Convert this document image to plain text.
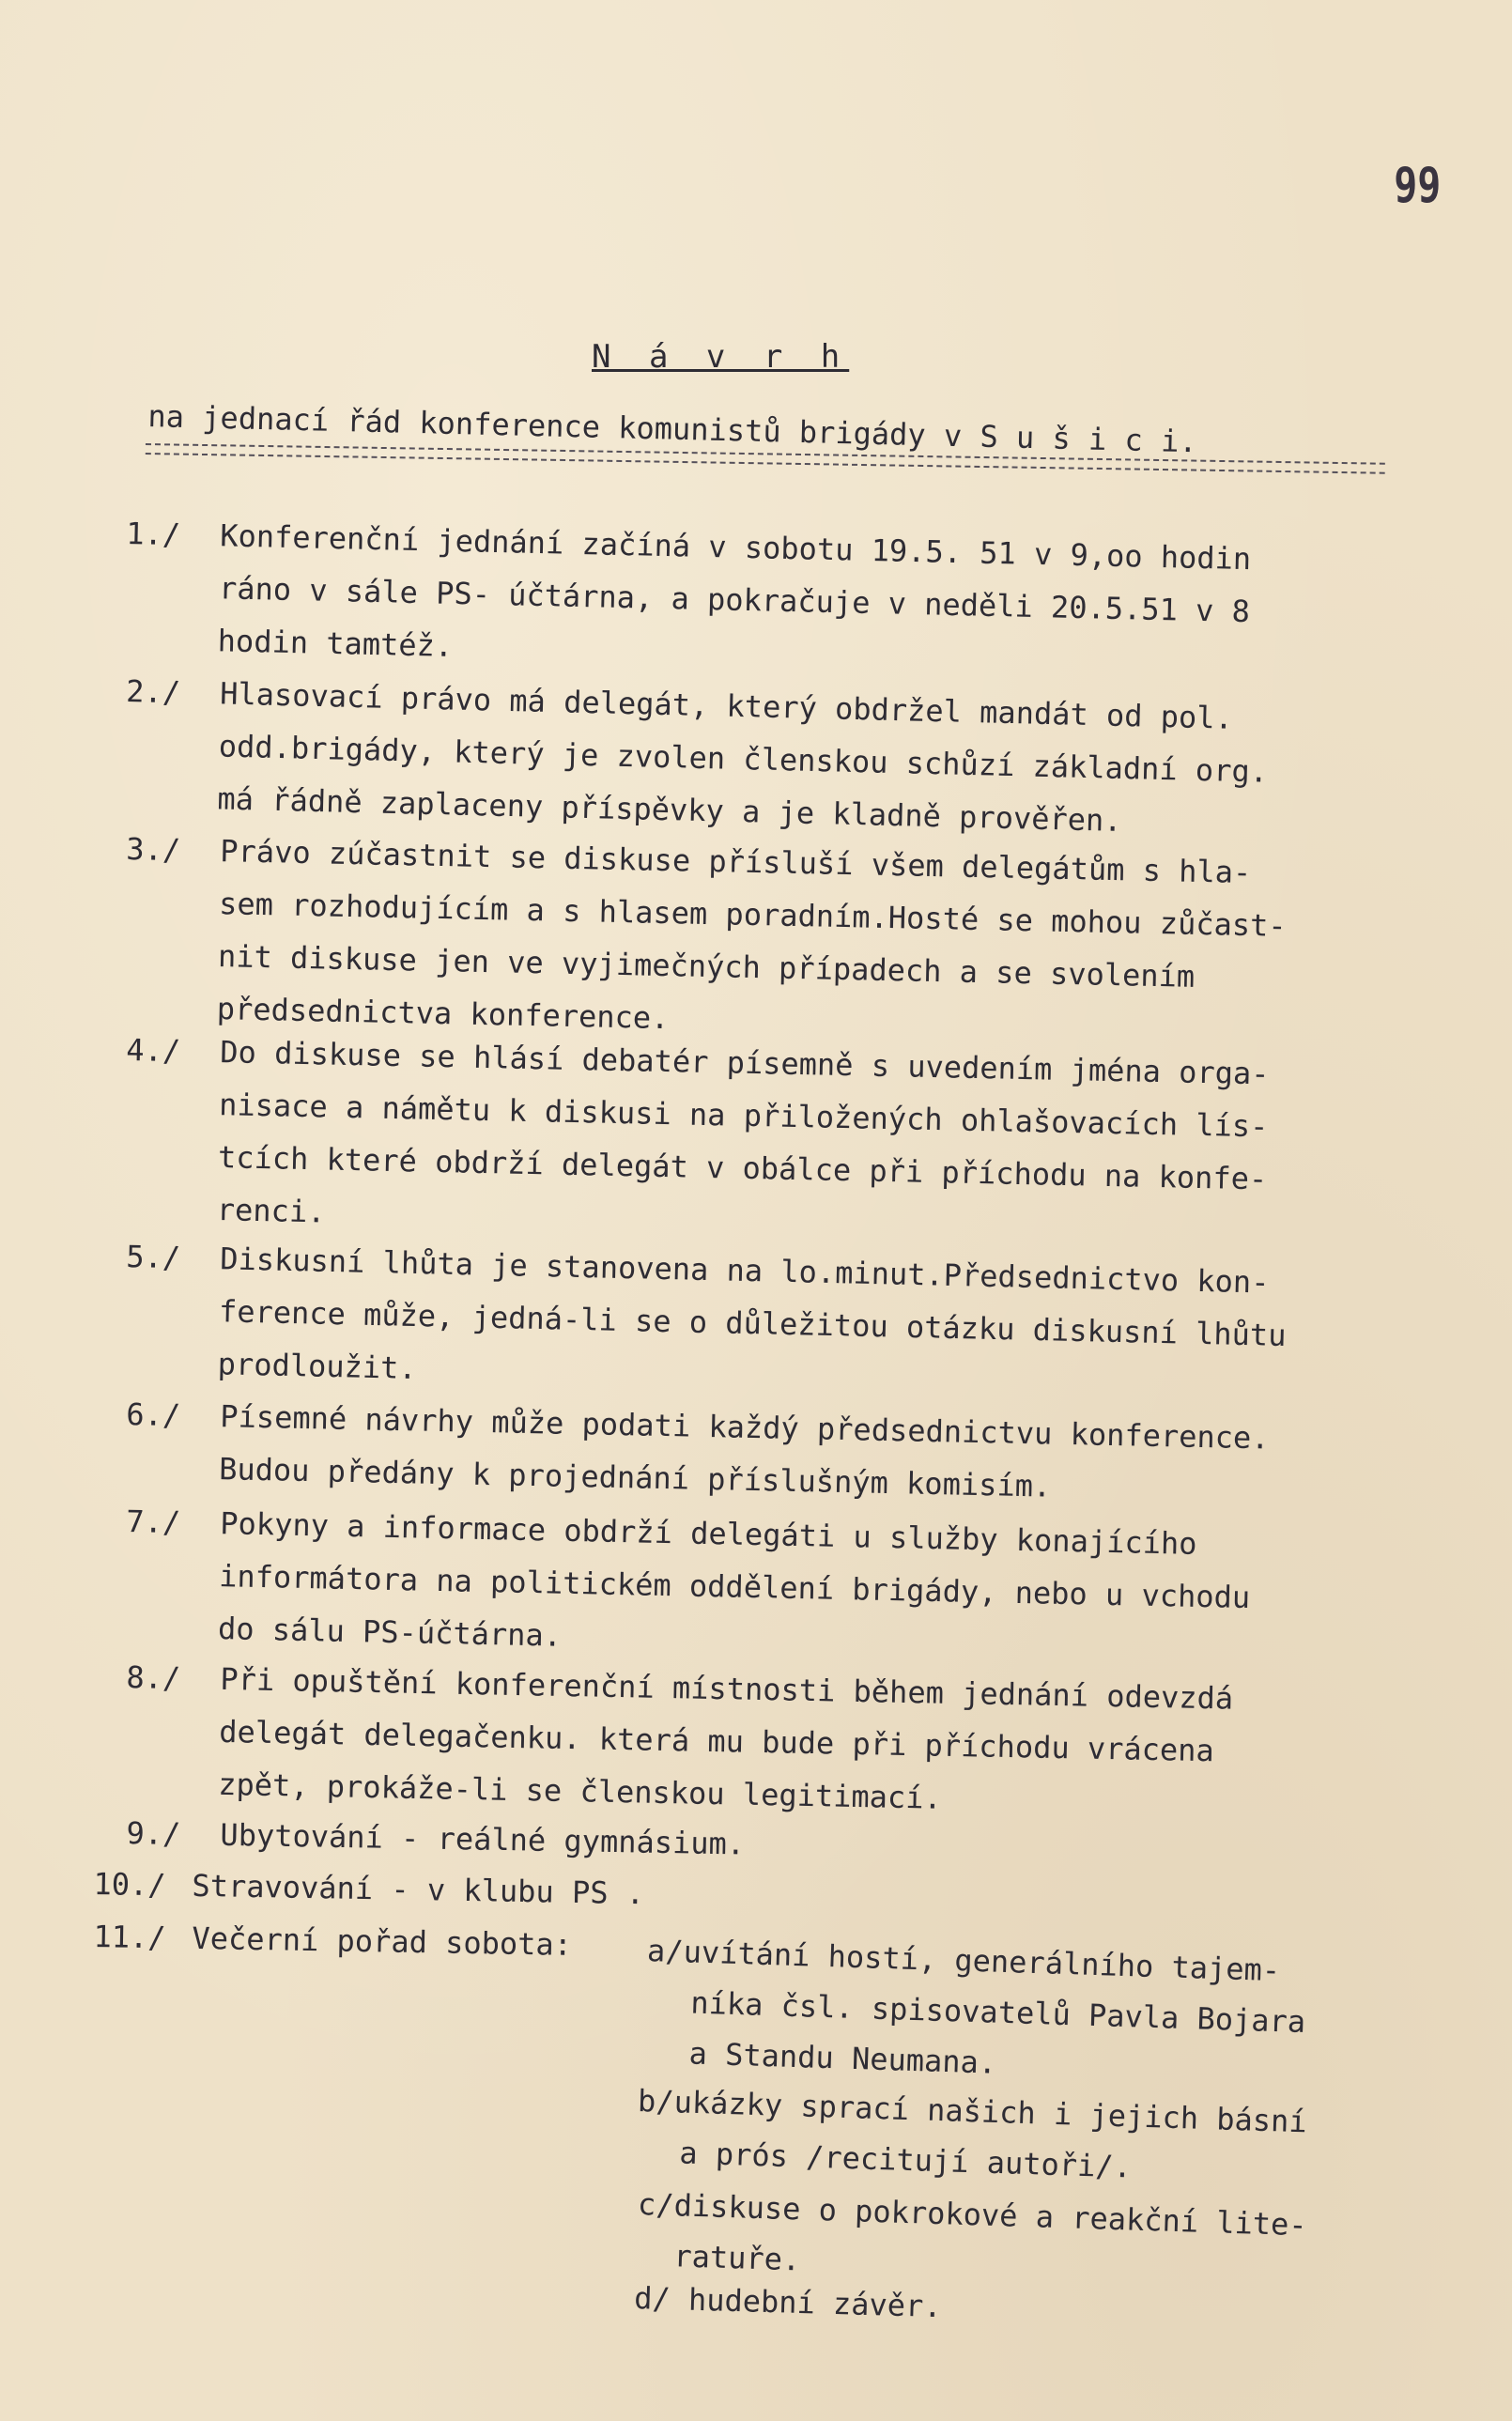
99
N á v r h
na jednací řád konference komunistů brigády v S u š i c i.
1./	Konferenční jednání začíná v sobotu 19.5. 51 v 9,oo hodin
ráno v sále PS- účtárna, a pokračuje v neděli 20.5.51 v 8
hodin tamtéž.
2./	Hlasovací právo má delegát, který obdržel mandát od pol.
odd.brigády, který je zvolen členskou schůzí základní org.
má řádně zaplaceny příspěvky a je kladně prověřen.
3./	Právo zúčastnit se diskuse přísluší všem delegátům s hla-
sem rozhodujícím a s hlasem poradním.Hosté se mohou zůčast-
nit diskuse jen ve vyjimečných případech a se svolením
předsednictva konference.
4./	Do diskuse se hlásí debatér písemně s uvedením jména orga-
nisace a námětu k diskusi na přiložených ohlašovacích lís-
tcích které obdrží delegát v obálce při příchodu na konfe-
renci.
5./	Diskusní lhůta je stanovena na lo.minut.Předsednictvo kon-
ference může, jedná-li se o důležitou otázku diskusní lhůtu
prodloužit.
6./	Písemné návrhy může podati každý předsednictvu konference.
Budou předány k projednání příslušným komisím.
7./	Pokyny a informace obdrží delegáti u služby konajícího
informátora na politickém oddělení brigády, nebo u vchodu
do sálu PS-účtárna.
8./	Při opuštění konferenční místnosti během jednání odevzdá
delegát delegačenku. která mu bude při příchodu vrácena
zpět, prokáže-li se členskou legitimací.
9./	Ubytování - reálné gymnásium.
10./ Stravování - v klubu PS .
11./ Večerní pořad sobota: a/uvítání hostí, generálního tajem-
níka čsl. spisovatelů Pavla Bojara
a Standu Neumana.
b/ukázky sprací našich i jejich básní
a prós /recitují autoři/.
c/diskuse o pokrokové a reakční lite-
ratuře.
d/ hudební závěr.
